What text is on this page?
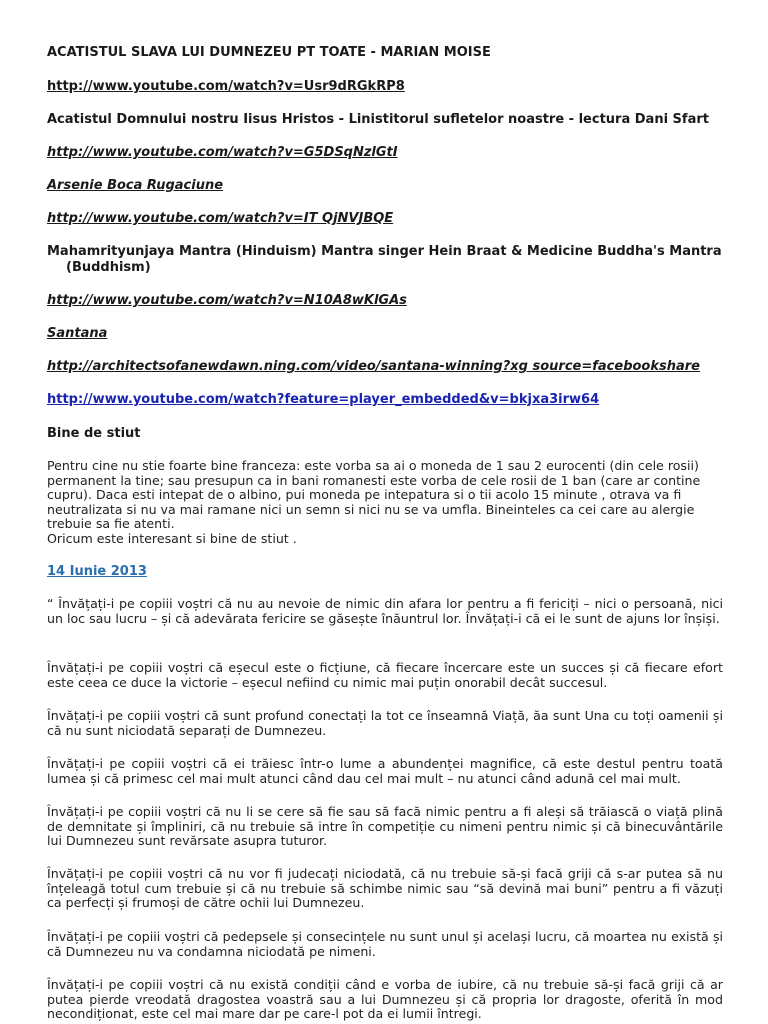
ACATISTUL SLAVA LUI DUMNEZEU PT TOATE - MARIAN MOISE
http://www.youtube.com/watch?v=Usr9dRGkRP8
Acatistul Domnului nostru Iisus Hristos - Linistitorul sufletelor noastre - lectura Dani Sfart
http://www.youtube.com/watch?v=G5DSqNzlGtI
Arsenie Boca Rugaciune
http://www.youtube.com/watch?v=IT QjNVJBQE
Mahamrityunjaya Mantra (Hinduism) Mantra singer Hein Braat & Medicine Buddha's Mantra
(Buddhism)
http://www.youtube.com/watch?v=N10A8wKlGAs
Santana
http://architectsofanewdawn.ning.com/video/santana-winning?xg source=facebookshare
http://www.youtube.com/watch?feature=player_embedded&v=bkjxa3irw64
Bine de stiut
Pentru cine nu stie foarte bine franceza: este vorba sa ai o moneda de 1 sau 2 eurocenti (din cele rosii) permanent la tine; sau presupun ca in bani romanesti este vorba de cele rosii de 1 ban (care ar contine cupru). Daca esti intepat de o albino, pui moneda pe intepatura si o tii acolo 15 minute , otrava va fi neutralizata si nu va mai ramane nici un semn si nici nu se va umfla. Bineinteles ca cei care au alergie trebuie sa fie atenti.
Oricum este interesant si bine de stiut .
14 Iunie 2013
“ Învățați-i pe copiii voștri că nu au nevoie de nimic din afara lor pentru a fi fericiți – nici o persoană, nici un loc sau lucru – și că adevărata fericire se găsește înăuntrul lor. Învățați-i că ei le sunt de ajuns lor înșiși.
Învățați-i pe copiii voștri că eșecul este o ficțiune, că fiecare încercare este un succes și că fiecare efort este ceea ce duce la victorie – eșecul nefiind cu nimic mai puțin onorabil decât succesul.
Învățați-i pe copiii voștri că sunt profund conectați la tot ce înseamnă Viață, ăa sunt Una cu toți oamenii și că nu sunt niciodată separați de Dumnezeu.
Învățați-i pe copiii voștri că ei trăiesc într-o lume a abundenței magnifice, că este destul pentru toată lumea și că primesc cel mai mult atunci când dau cel mai mult – nu atunci când adună cel mai mult.
Învățați-i pe copiii voștri că nu li se cere să fie sau să facă nimic pentru a fi aleși să trăiască o viață plină de demnitate și împliniri, că nu trebuie să intre în competiție cu nimeni pentru nimic și că binecuvântările lui Dumnezeu sunt revărsate asupra tuturor.
Învățați-i pe copiii voștri că nu vor fi judecați niciodată, că nu trebuie să-și facă griji că s-ar putea să nu înțeleagă totul cum trebuie și că nu trebuie să schimbe nimic sau “să devină mai buni” pentru a fi văzuți ca perfecți și frumoși de către ochii lui Dumnezeu.
Învățați-i pe copiii voștri că pedepsele și consecințele nu sunt unul și același lucru, că moartea nu există și că Dumnezeu nu va condamna niciodată pe nimeni.
Învățați-i pe copiii voștri că nu există condiții când e vorba de iubire, că nu trebuie să-și facă griji că ar putea pierde vreodată dragostea voastră sau a lui Dumnezeu și că propria lor dragoste, oferită în mod necondiționat, este cel mai mare dar pe care-l pot da ei lumii întregi.
